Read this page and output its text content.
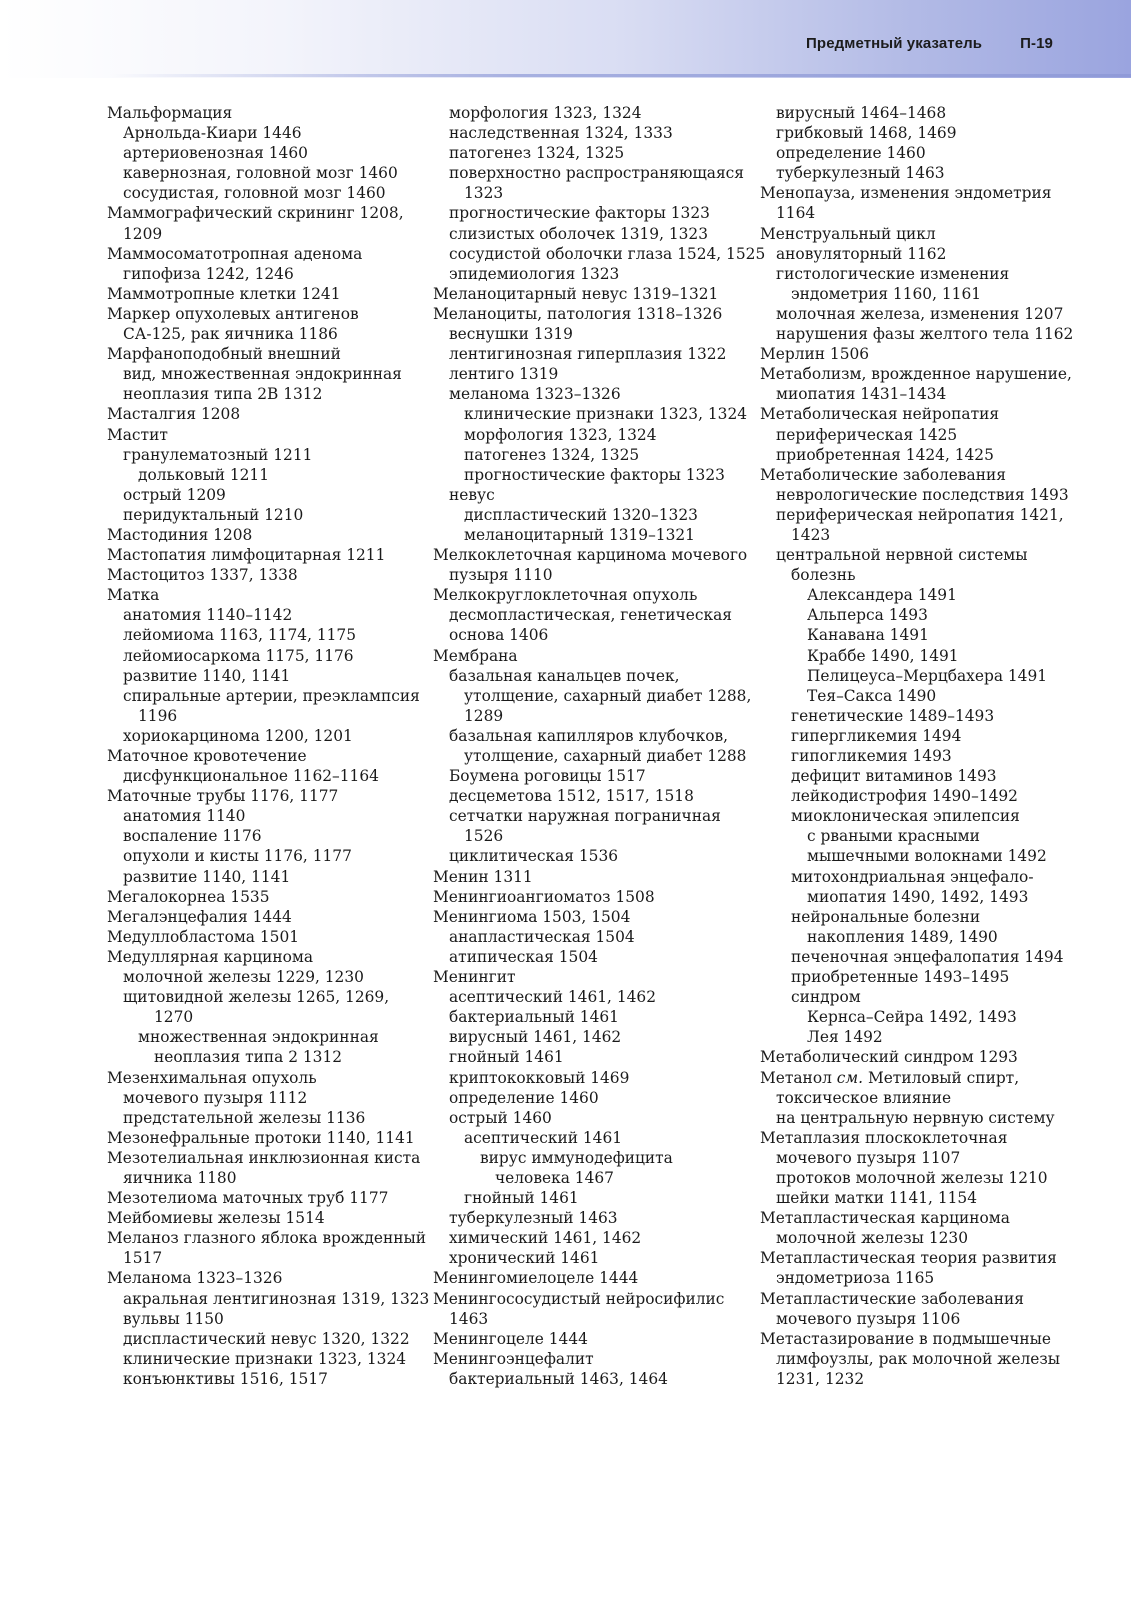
Предметный указатель	П-19
Мальформация
Арнольда-Киари 1446
артериовенозная 1460
кавернозная, головной мозг 1460
сосудистая, головной мозг 1460
Маммографический скрининг 1208,
1209
Маммосоматотропная аденома
гипофиза 1242, 1246
Маммотропные клетки 1241
Маркер опухолевых антигенов
СА-125, рак яичника 1186
Марфаноподобный внешний
вид, множественная эндокринная
неоплазия типа 2В 1312
Масталгия 1208
Мастит
гранулематозный 1211
дольковый 1211
острый 1209
перидуктальный 1210
Мастодиния 1208
Мастопатия лимфоцитарная 1211
Мастоцитоз 1337, 1338
Матка
анатомия 1140–1142
лейомиома 1163, 1174, 1175
лейомиосаркома 1175, 1176
развитие 1140, 1141
спиральные артерии, преэклампсия
1196
хориокарцинома 1200, 1201
Маточное кровотечение
дисфункциональное 1162–1164
Маточные трубы 1176, 1177
анатомия 1140
воспаление 1176
опухоли и кисты 1176, 1177
развитие 1140, 1141
Мегалокорнеа 1535
Мегалэнцефалия 1444
Медуллобластома 1501
Медуллярная карцинома
молочной железы 1229, 1230
щитовидной железы 1265, 1269,
1270
множественная эндокринная
неоплазия типа 2 1312
Мезенхимальная опухоль
мочевого пузыря 1112
предстательной железы 1136
Мезонефральные протоки 1140, 1141
Мезотелиальная инклюзионная киста
яичника 1180
Мезотелиома маточных труб 1177
Мейбомиевы железы 1514
Меланоз глазного яблока врожденный
1517
Меланома 1323–1326
акральная лентигинозная 1319, 1323
вульвы 1150
диспластический невус 1320, 1322
клинические признаки 1323, 1324
конъюнктивы 1516, 1517
морфология 1323, 1324
наследственная 1324, 1333
патогенез 1324, 1325
поверхностно распространяющаяся
1323
прогностические факторы 1323
слизистых оболочек 1319, 1323
сосудистой оболочки глаза 1524, 1525
эпидемиология 1323
Меланоцитарный невус 1319–1321
Меланоциты, патология 1318–1326
веснушки 1319
лентигинозная гиперплазия 1322
лентиго 1319
меланома 1323–1326
клинические признаки 1323, 1324
морфология 1323, 1324
патогенез 1324, 1325
прогностические факторы 1323
невус
диспластический 1320–1323
меланоцитарный 1319–1321
Мелкоклеточная карцинома мочевого
пузыря 1110
Мелкокруглоклеточная опухоль
десмопластическая, генетическая
основа 1406
Мембрана
базальная канальцев почек,
утолщение, сахарный диабет 1288,
1289
базальная капилляров клубочков,
утолщение, сахарный диабет 1288
Боумена роговицы 1517
десцеметова 1512, 1517, 1518
сетчатки наружная пограничная
1526
циклитическая 1536
Менин 1311
Менингиоангиоматоз 1508
Менингиома 1503, 1504
анапластическая 1504
атипическая 1504
Менингит
асептический 1461, 1462
бактериальный 1461
вирусный 1461, 1462
гнойный 1461
криптококковый 1469
определение 1460
острый 1460
асептический 1461
вирус иммунодефицита
человека 1467
гнойный 1461
туберкулезный 1463
химический 1461, 1462
хронический 1461
Менингомиелоцеле 1444
Менингососудистый нейросифилис
1463
Менингоцеле 1444
Менингоэнцефалит
бактериальный 1463, 1464
вирусный 1464–1468
грибковый 1468, 1469
определение 1460
туберкулезный 1463
Менопауза, изменения эндометрия
1164
Менструальный цикл
ановуляторный 1162
гистологические изменения
эндометрия 1160, 1161
молочная железа, изменения 1207
нарушения фазы желтого тела 1162
Мерлин 1506
Метаболизм, врожденное нарушение,
миопатия 1431–1434
Метаболическая нейропатия
периферическая 1425
приобретенная 1424, 1425
Метаболические заболевания
неврологические последствия 1493
периферическая нейропатия 1421,
1423
центральной нервной системы
болезнь
Александера 1491
Альперса 1493
Канавана 1491
Краббе 1490, 1491
Пелицеуса–Мерцбахера 1491
Тея–Сакса 1490
генетические 1489–1493
гипергликемия 1494
гипогликемия 1493
дефицит витаминов 1493
лейкодистрофия 1490–1492
миоклоническая эпилепсия
с рваными красными
мышечными волокнами 1492
митохондриальная энцефало-
миопатия 1490, 1492, 1493
нейрональные болезни
накопления 1489, 1490
печеночная энцефалопатия 1494
приобретенные 1493–1495
синдром
Кернса–Сейра 1492, 1493
Лея 1492
Метаболический синдром 1293
Метанол см. Метиловый спирт,
токсическое влияние
на центральную нервную систему
Метаплазия плоскоклеточная
мочевого пузыря 1107
протоков молочной железы 1210
шейки матки 1141, 1154
Метапластическая карцинома
молочной железы 1230
Метапластическая теория развития
эндометриоза 1165
Метапластические заболевания
мочевого пузыря 1106
Метастазирование в подмышечные
лимфоузлы, рак молочной железы
1231, 1232
